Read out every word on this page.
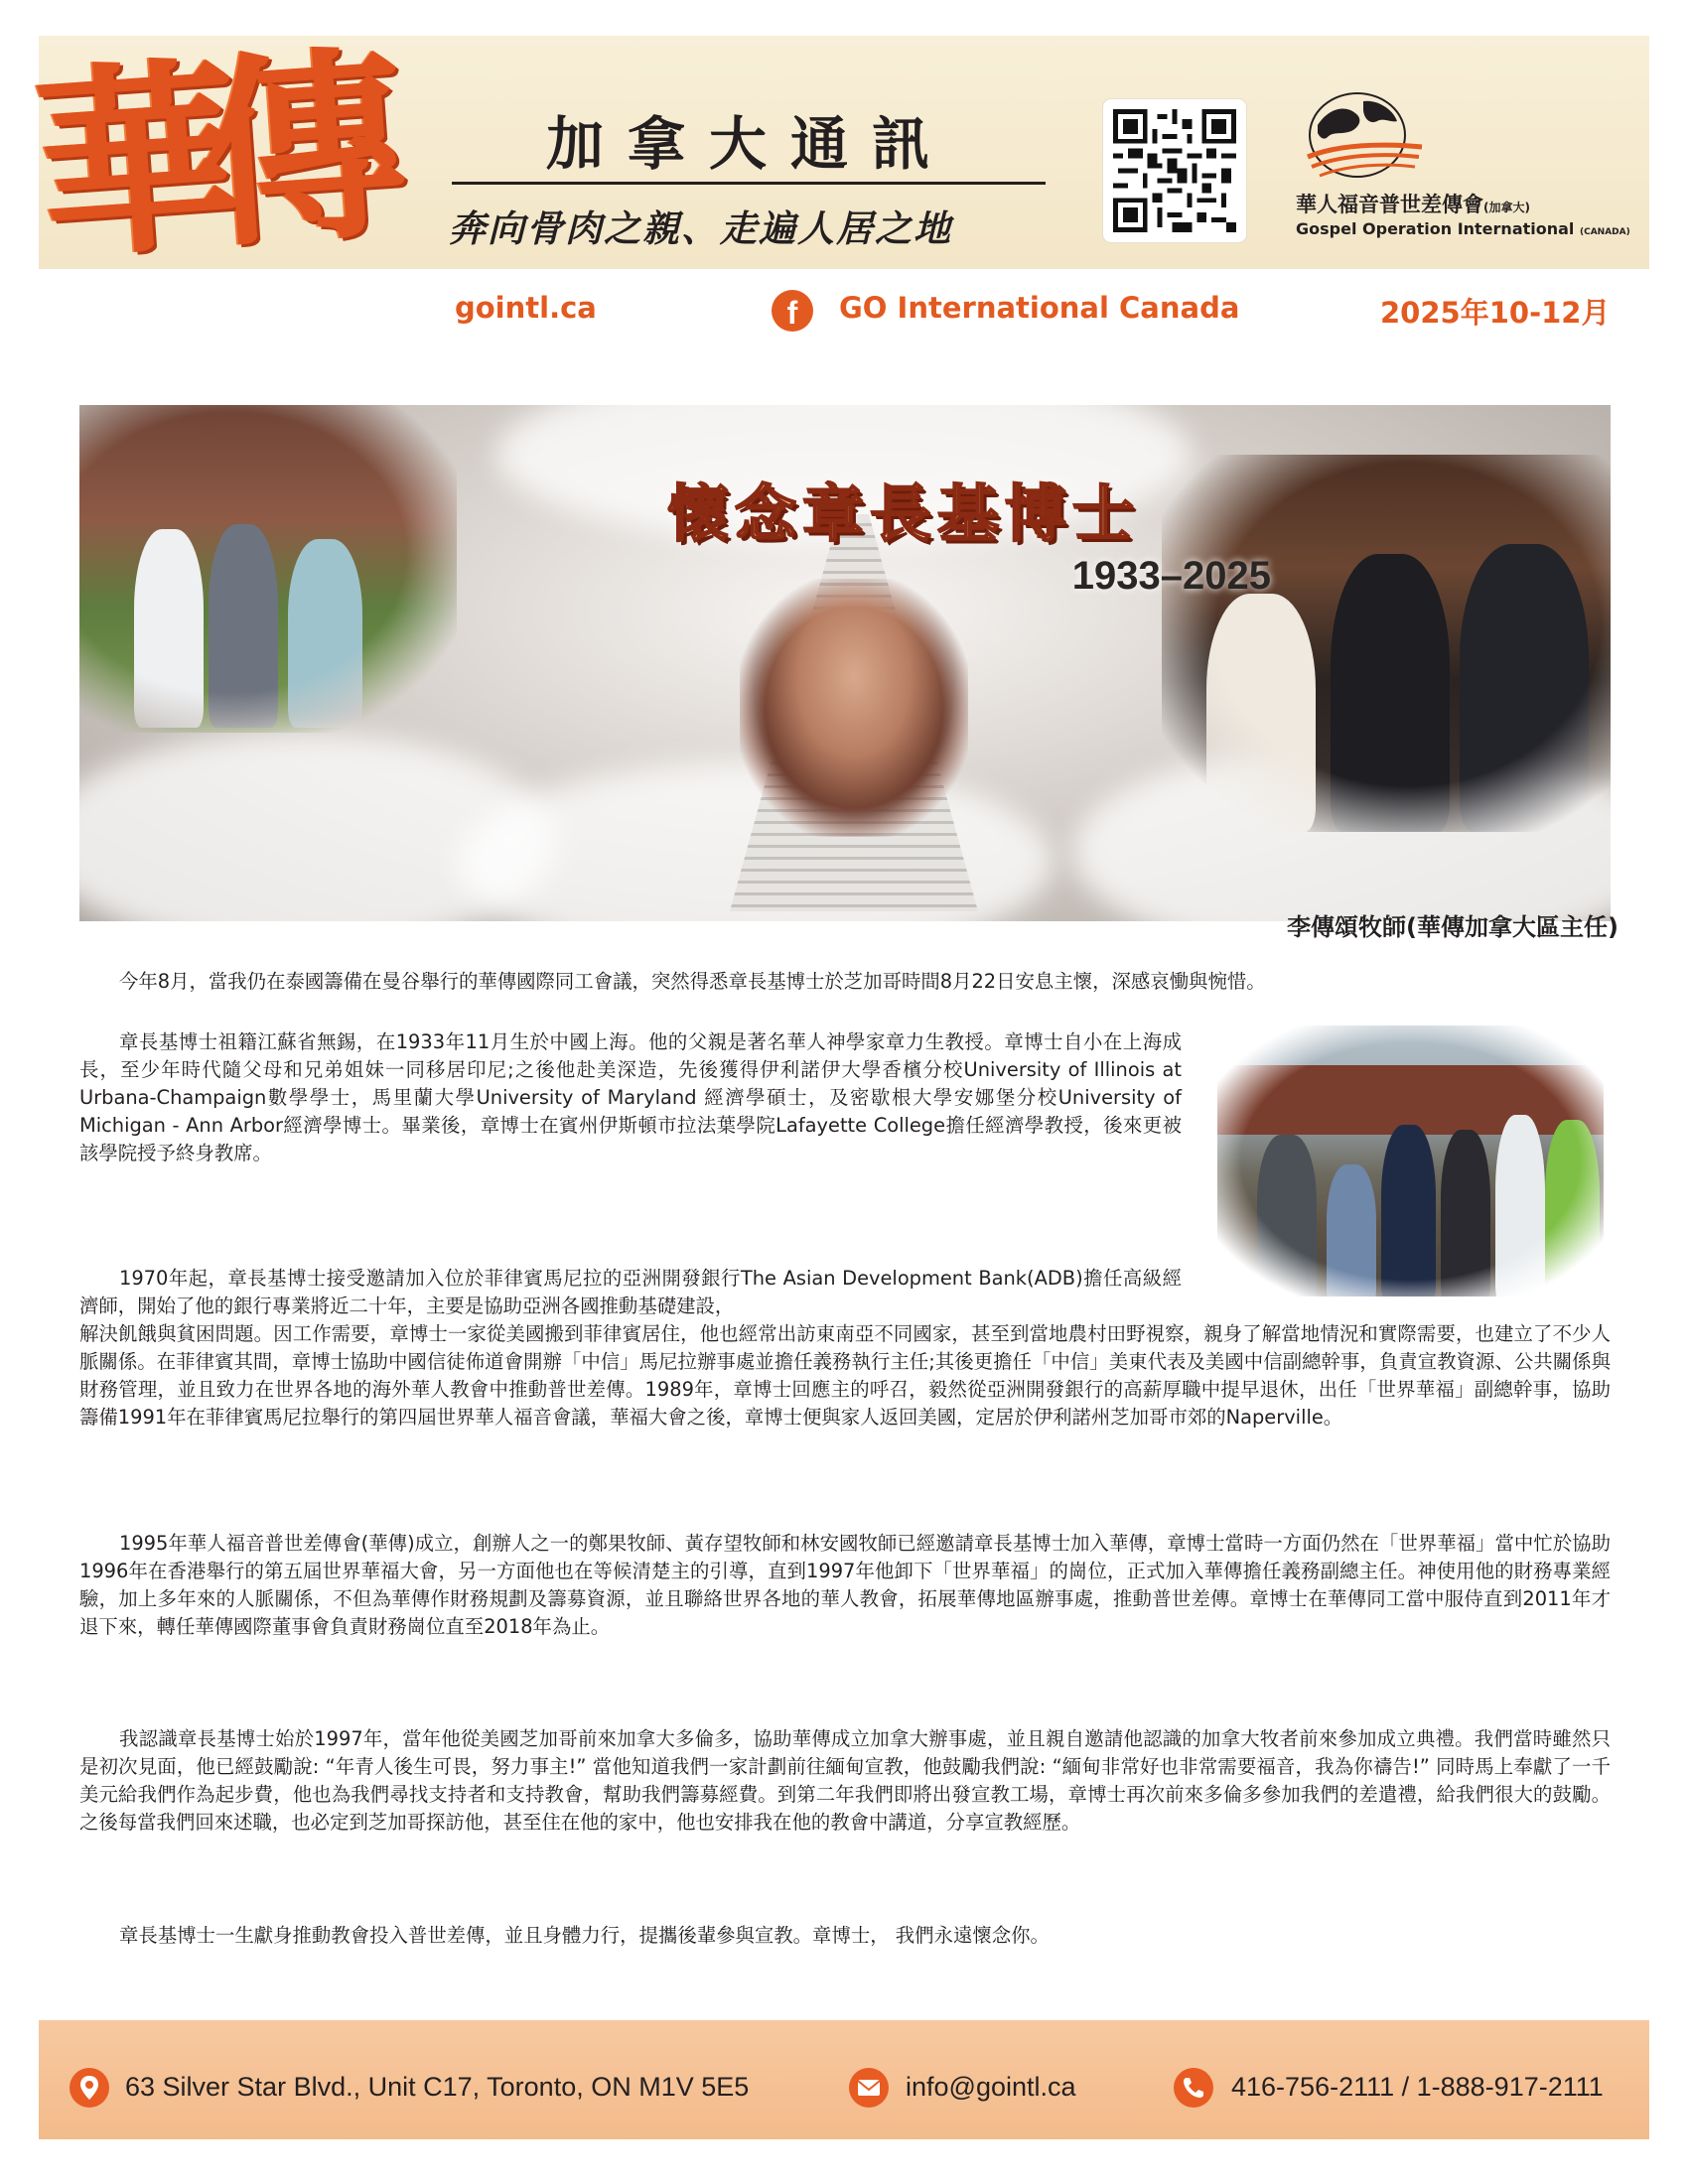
華傳	加拿大通訊
奔向骨肉之親、走遍人居之地
華人福音普世差傳會(加拿大)
Gospel Operation International (CANADA)
gointl.ca	f	GO International Canada	2025年10-12月
懷念章長基博士
1933–2025
李傳頌牧師(華傳加拿大區主任)

今年8月，當我仍在泰國籌備在曼谷舉行的華傳國際同工會議，突然得悉章長基博士於芝加哥時間8月22日安息主懷，深感哀慟與惋惜。

章長基博士祖籍江蘇省無錫，在1933年11月生於中國上海。他的父親是著名華人神學家章力生教授。章博士自小在上海成長，至少年時代隨父母和兄弟姐妹一同移居印尼;之後他赴美深造，先後獲得伊利諾伊大學香檳分校University of Illinois at Urbana-Champaign數學學士，馬里蘭大學University of Maryland 經濟學碩士，及密歇根大學安娜堡分校University of Michigan - Ann Arbor經濟學博士。畢業後，章博士在賓州伊斯頓市拉法葉學院Lafayette College擔任經濟學教授，後來更被該學院授予終身教席。

1970年起，章長基博士接受邀請加入位於菲律賓馬尼拉的亞洲開發銀行The Asian Development Bank(ADB)擔任高級經濟師，開始了他的銀行專業將近二十年，主要是協助亞洲各國推動基礎建設，

解決飢餓與貧困問題。因工作需要，章博士一家從美國搬到菲律賓居住，他也經常出訪東南亞不同國家，甚至到當地農村田野視察，親身了解當地情況和實際需要，也建立了不少人脈關係。在菲律賓其間，章博士協助中國信徒佈道會開辦「中信」馬尼拉辦事處並擔任義務執行主任;其後更擔任「中信」美東代表及美國中信副總幹事，負責宣教資源、公共關係與財務管理，並且致力在世界各地的海外華人教會中推動普世差傳。1989年，章博士回應主的呼召，毅然從亞洲開發銀行的高薪厚職中提早退休，出任「世界華福」副總幹事，協助籌備1991年在菲律賓馬尼拉舉行的第四屆世界華人福音會議，華福大會之後，章博士便與家人返回美國，定居於伊利諾州芝加哥市郊的Naperville。

1995年華人福音普世差傳會(華傳)成立，創辦人之一的鄭果牧師、黃存望牧師和林安國牧師已經邀請章長基博士加入華傳，章博士當時一方面仍然在「世界華福」當中忙於協助1996年在香港舉行的第五屆世界華福大會，另一方面他也在等候清楚主的引導，直到1997年他卸下「世界華福」的崗位，正式加入華傳擔任義務副總主任。神使用他的財務專業經驗，加上多年來的人脈關係，不但為華傳作財務規劃及籌募資源，並且聯絡世界各地的華人教會，拓展華傳地區辦事處，推動普世差傳。章博士在華傳同工當中服侍直到2011年才退下來，轉任華傳國際董事會負責財務崗位直至2018年為止。

我認識章長基博士始於1997年，當年他從美國芝加哥前來加拿大多倫多，協助華傳成立加拿大辦事處，並且親自邀請他認識的加拿大牧者前來參加成立典禮。我們當時雖然只是初次見面，他已經鼓勵說: “年青人後生可畏，努力事主!” 當他知道我們一家計劃前往緬甸宣教，他鼓勵我們說: “緬甸非常好也非常需要福音，我為你禱告!” 同時馬上奉獻了一千美元給我們作為起步費，他也為我們尋找支持者和支持教會，幫助我們籌募經費。到第二年我們即將出發宣教工場，章博士再次前來多倫多參加我們的差遣禮，給我們很大的鼓勵。之後每當我們回來述職，也必定到芝加哥探訪他，甚至住在他的家中，他也安排我在他的教會中講道，分享宣教經歷。

章長基博士一生獻身推動教會投入普世差傳，並且身體力行，提攜後輩參與宣教。章博士， 我們永遠懷念你。

63 Silver Star Blvd., Unit C17, Toronto, ON M1V 5E5	info@gointl.ca	416-756-2111 / 1-888-917-2111
